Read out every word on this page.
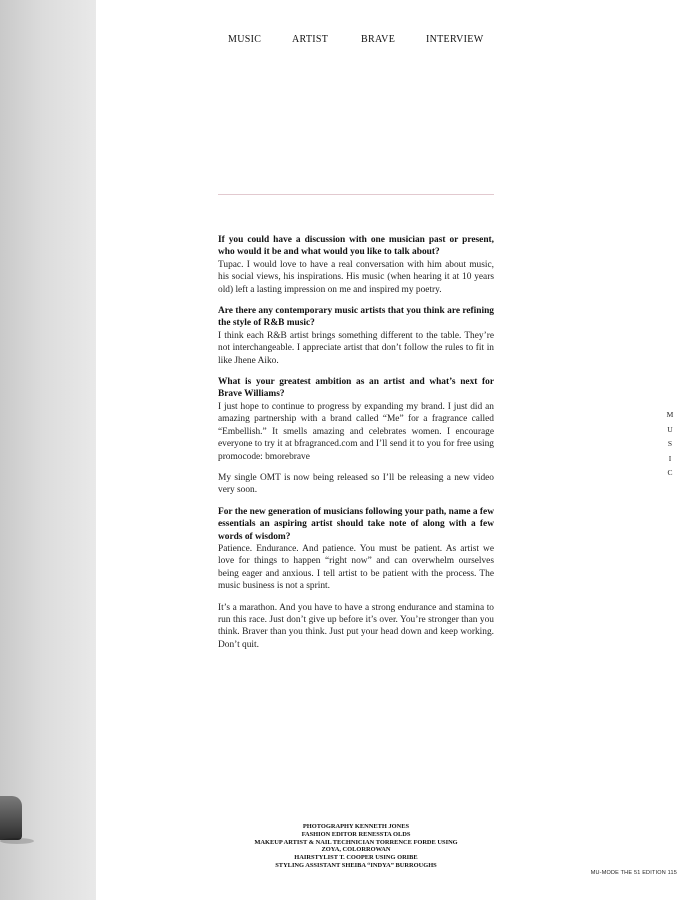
MUSIC	ARTIST	BRAVE	INTERVIEW
If you could have a discussion with one musician past or present, who would it be and what would you like to talk about?
Tupac. I would love to have a real conversation with him about music, his social views, his inspirations. His music (when hearing it at 10 years old) left a lasting impression on me and inspired my poetry.
Are there any contemporary music artists that you think are refining the style of R&B music?
I think each R&B artist brings something different to the table. They’re not interchangeable. I appreciate artist that don’t follow the rules to fit in like Jhene Aiko.
What is your greatest ambition as an artist and what’s next for Brave Williams?
I just hope to continue to progress by expanding my brand. I just did an amazing partnership with a brand called “Me” for a fragrance called “Embellish.” It smells amazing and celebrates women. I encourage everyone to try it at bfragranced.com and I’ll send it to you for free using promocode: bmorebrave
My single OMT is now being released so I’ll be releasing a new video very soon.
For the new generation of musicians following your path, name a few essentials an aspiring artist should take note of along with a few words of wisdom?
Patience. Endurance. And patience. You must be patient. As artist we love for things to happen “right now” and can overwhelm ourselves being eager and anxious. I tell artist to be patient with the process. The music business is not a sprint.
It’s a marathon. And you have to have a strong endurance and stamina to run this race. Just don’t give up before it’s over. You’re stronger than you think. Braver than you think. Just put your head down and keep working. Don’t quit.
M
U
S
I
C
PHOTOGRAPHY KENNETH JONES
FASHION EDITOR RENESSTA OLDS
MAKEUP ARTIST & NAIL TECHNICIAN TORRENCE FORDE USING
ZOYA, COLORROWAN
HAIRSTYLIST T. COOPER USING ORIBE
STYLING ASSISTANT SHEIBA “INDYA” BURROUGHS
MU-MODE THE 51 EDITION 115
